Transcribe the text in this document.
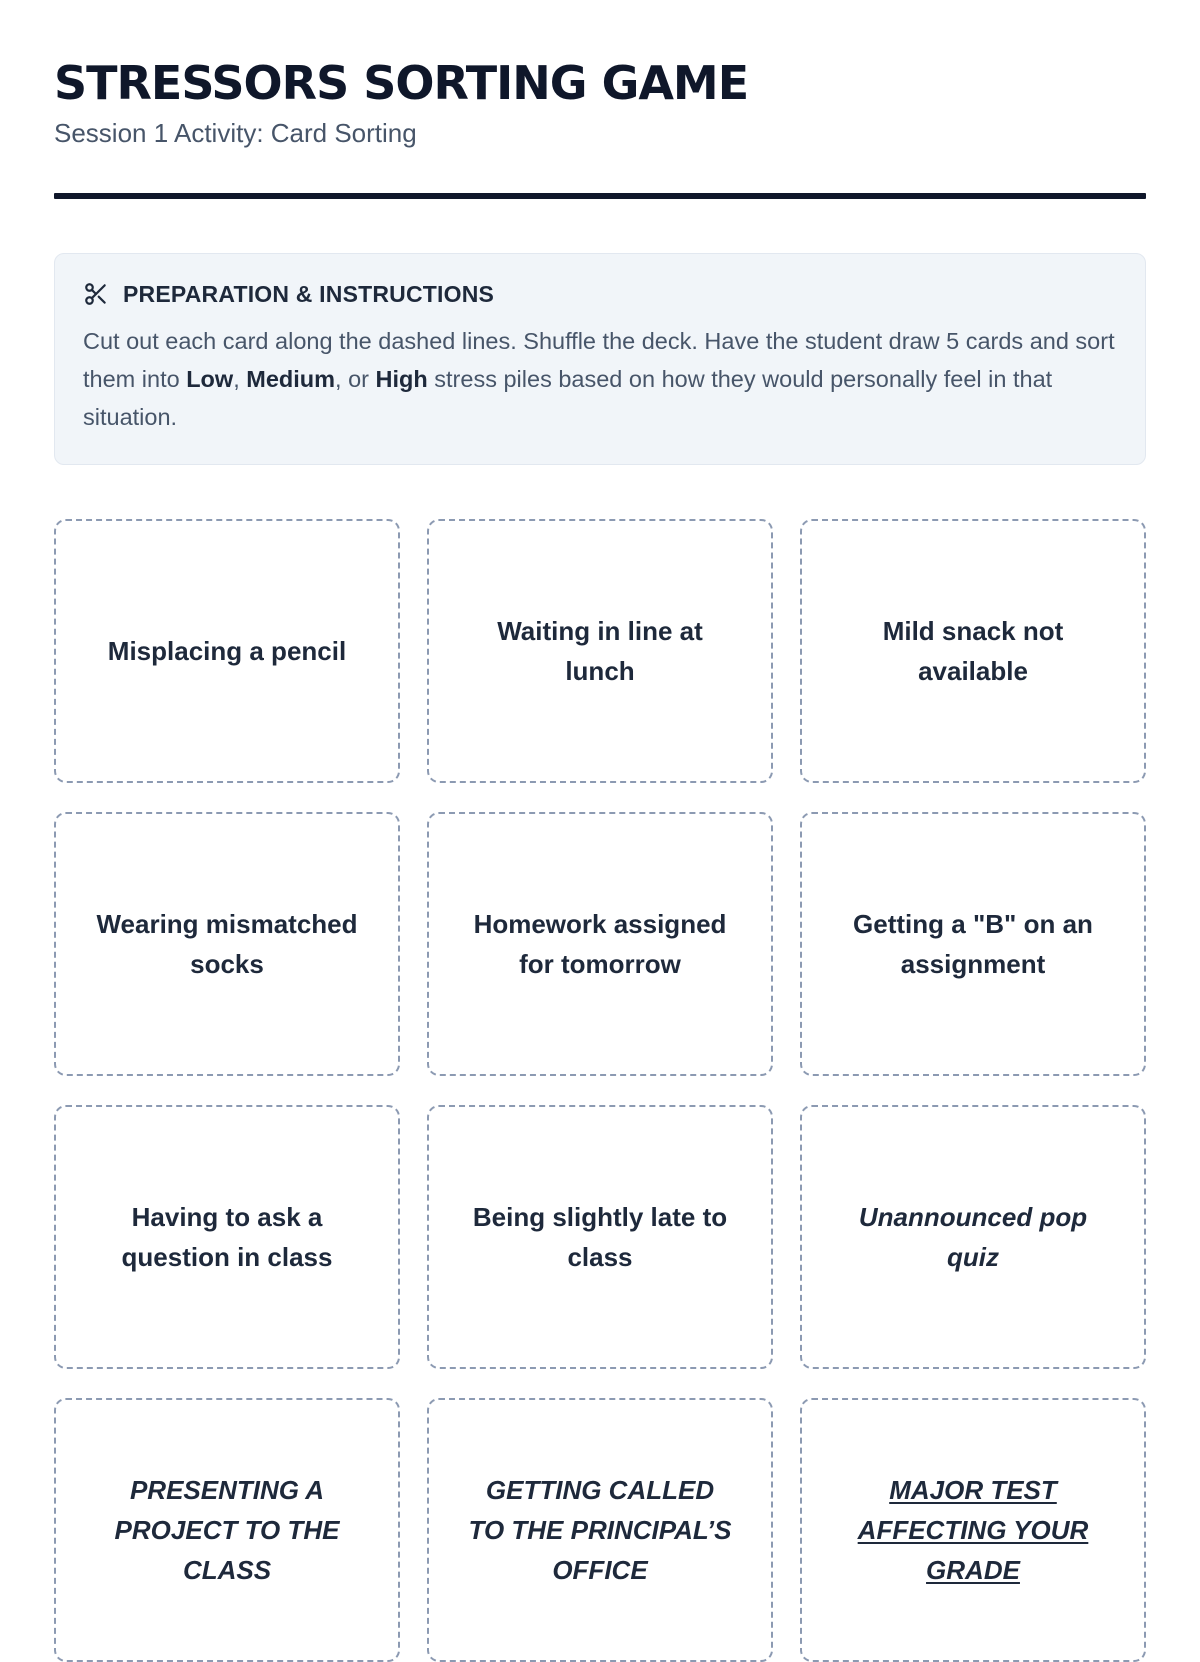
STRESSORS SORTING GAME
Session 1 Activity: Card Sorting
PREPARATION & INSTRUCTIONS
Cut out each card along the dashed lines. Shuffle the deck. Have the student draw 5 cards and sort them into Low, Medium, or High stress piles based on how they would personally feel in that situation.
Misplacing a pencil
Waiting in line at lunch
Mild snack not available
Wearing mismatched socks
Homework assigned for tomorrow
Getting a "B" on an assignment
Having to ask a question in class
Being slightly late to class
Unannounced pop quiz
PRESENTING A PROJECT TO THE CLASS
GETTING CALLED TO THE PRINCIPAL’S OFFICE
MAJOR TEST AFFECTING YOUR GRADE
